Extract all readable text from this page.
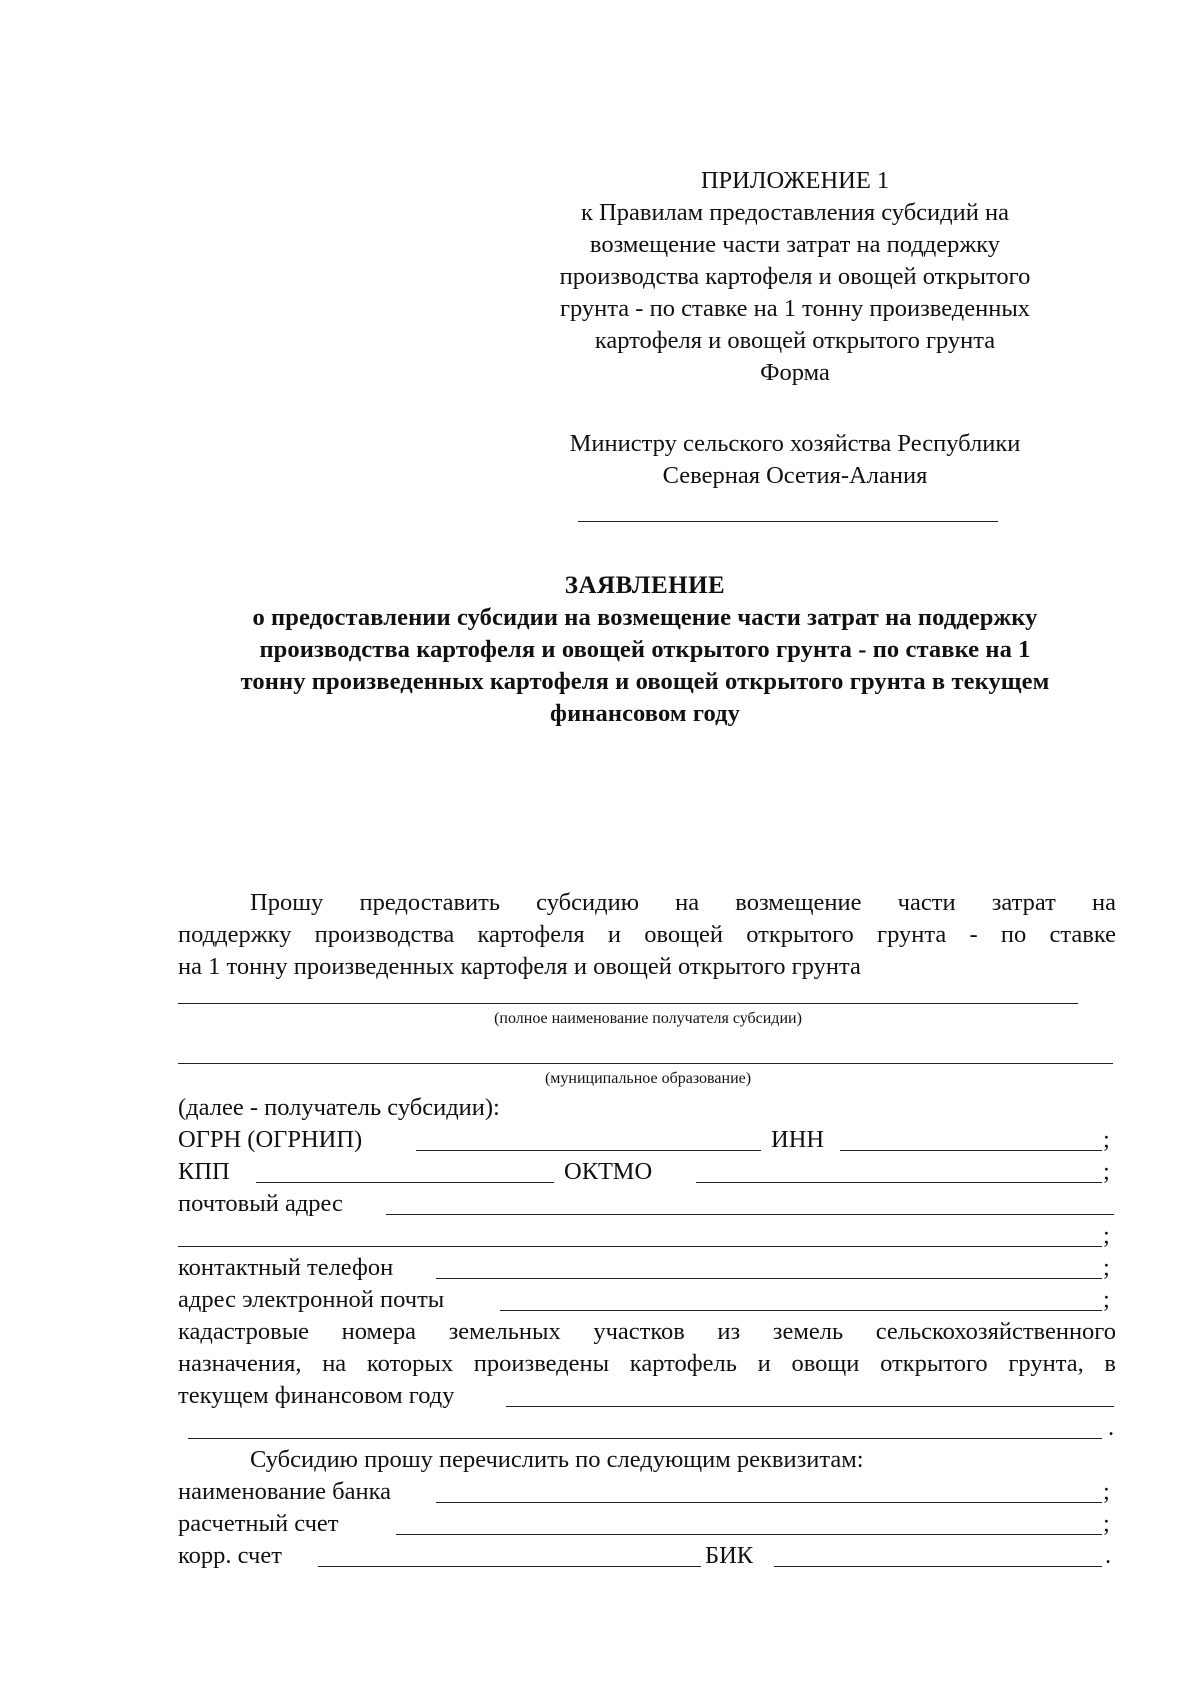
ПРИЛОЖЕНИЕ 1
к Правилам предоставления субсидий на
возмещение части затрат на поддержку
производства картофеля и овощей открытого
грунта - по ставке на 1 тонну произведенных
картофеля и овощей открытого грунта
Форма
Министру сельского хозяйства Республики
Северная Осетия-Алания
ЗАЯВЛЕНИЕ
о предоставлении субсидии на возмещение части затрат на поддержку
производства картофеля и овощей открытого грунта - по ставке на 1
тонну произведенных картофеля и овощей открытого грунта в текущем
финансовом году
Прошу предоставить субсидию на возмещение части затрат на
поддержку производства картофеля и овощей открытого грунта - по ставке
на 1 тонну произведенных картофеля и овощей открытого грунта
(полное наименование получателя субсидии)
(муниципальное образование)
(далее - получатель субсидии):
ОГРН (ОГРНИП)	ИНН	;
КПП	ОКТМО	;
почтовый адрес
;
контактный телефон	;
адрес электронной почты	;
кадастровые номера земельных участков из земель сельскохозяйственного
назначения, на которых произведены картофель и овощи открытого грунта, в
текущем финансовом году
.
Субсидию прошу перечислить по следующим реквизитам:
наименование банка	;
расчетный счет	;
корр. счет	БИК	.
